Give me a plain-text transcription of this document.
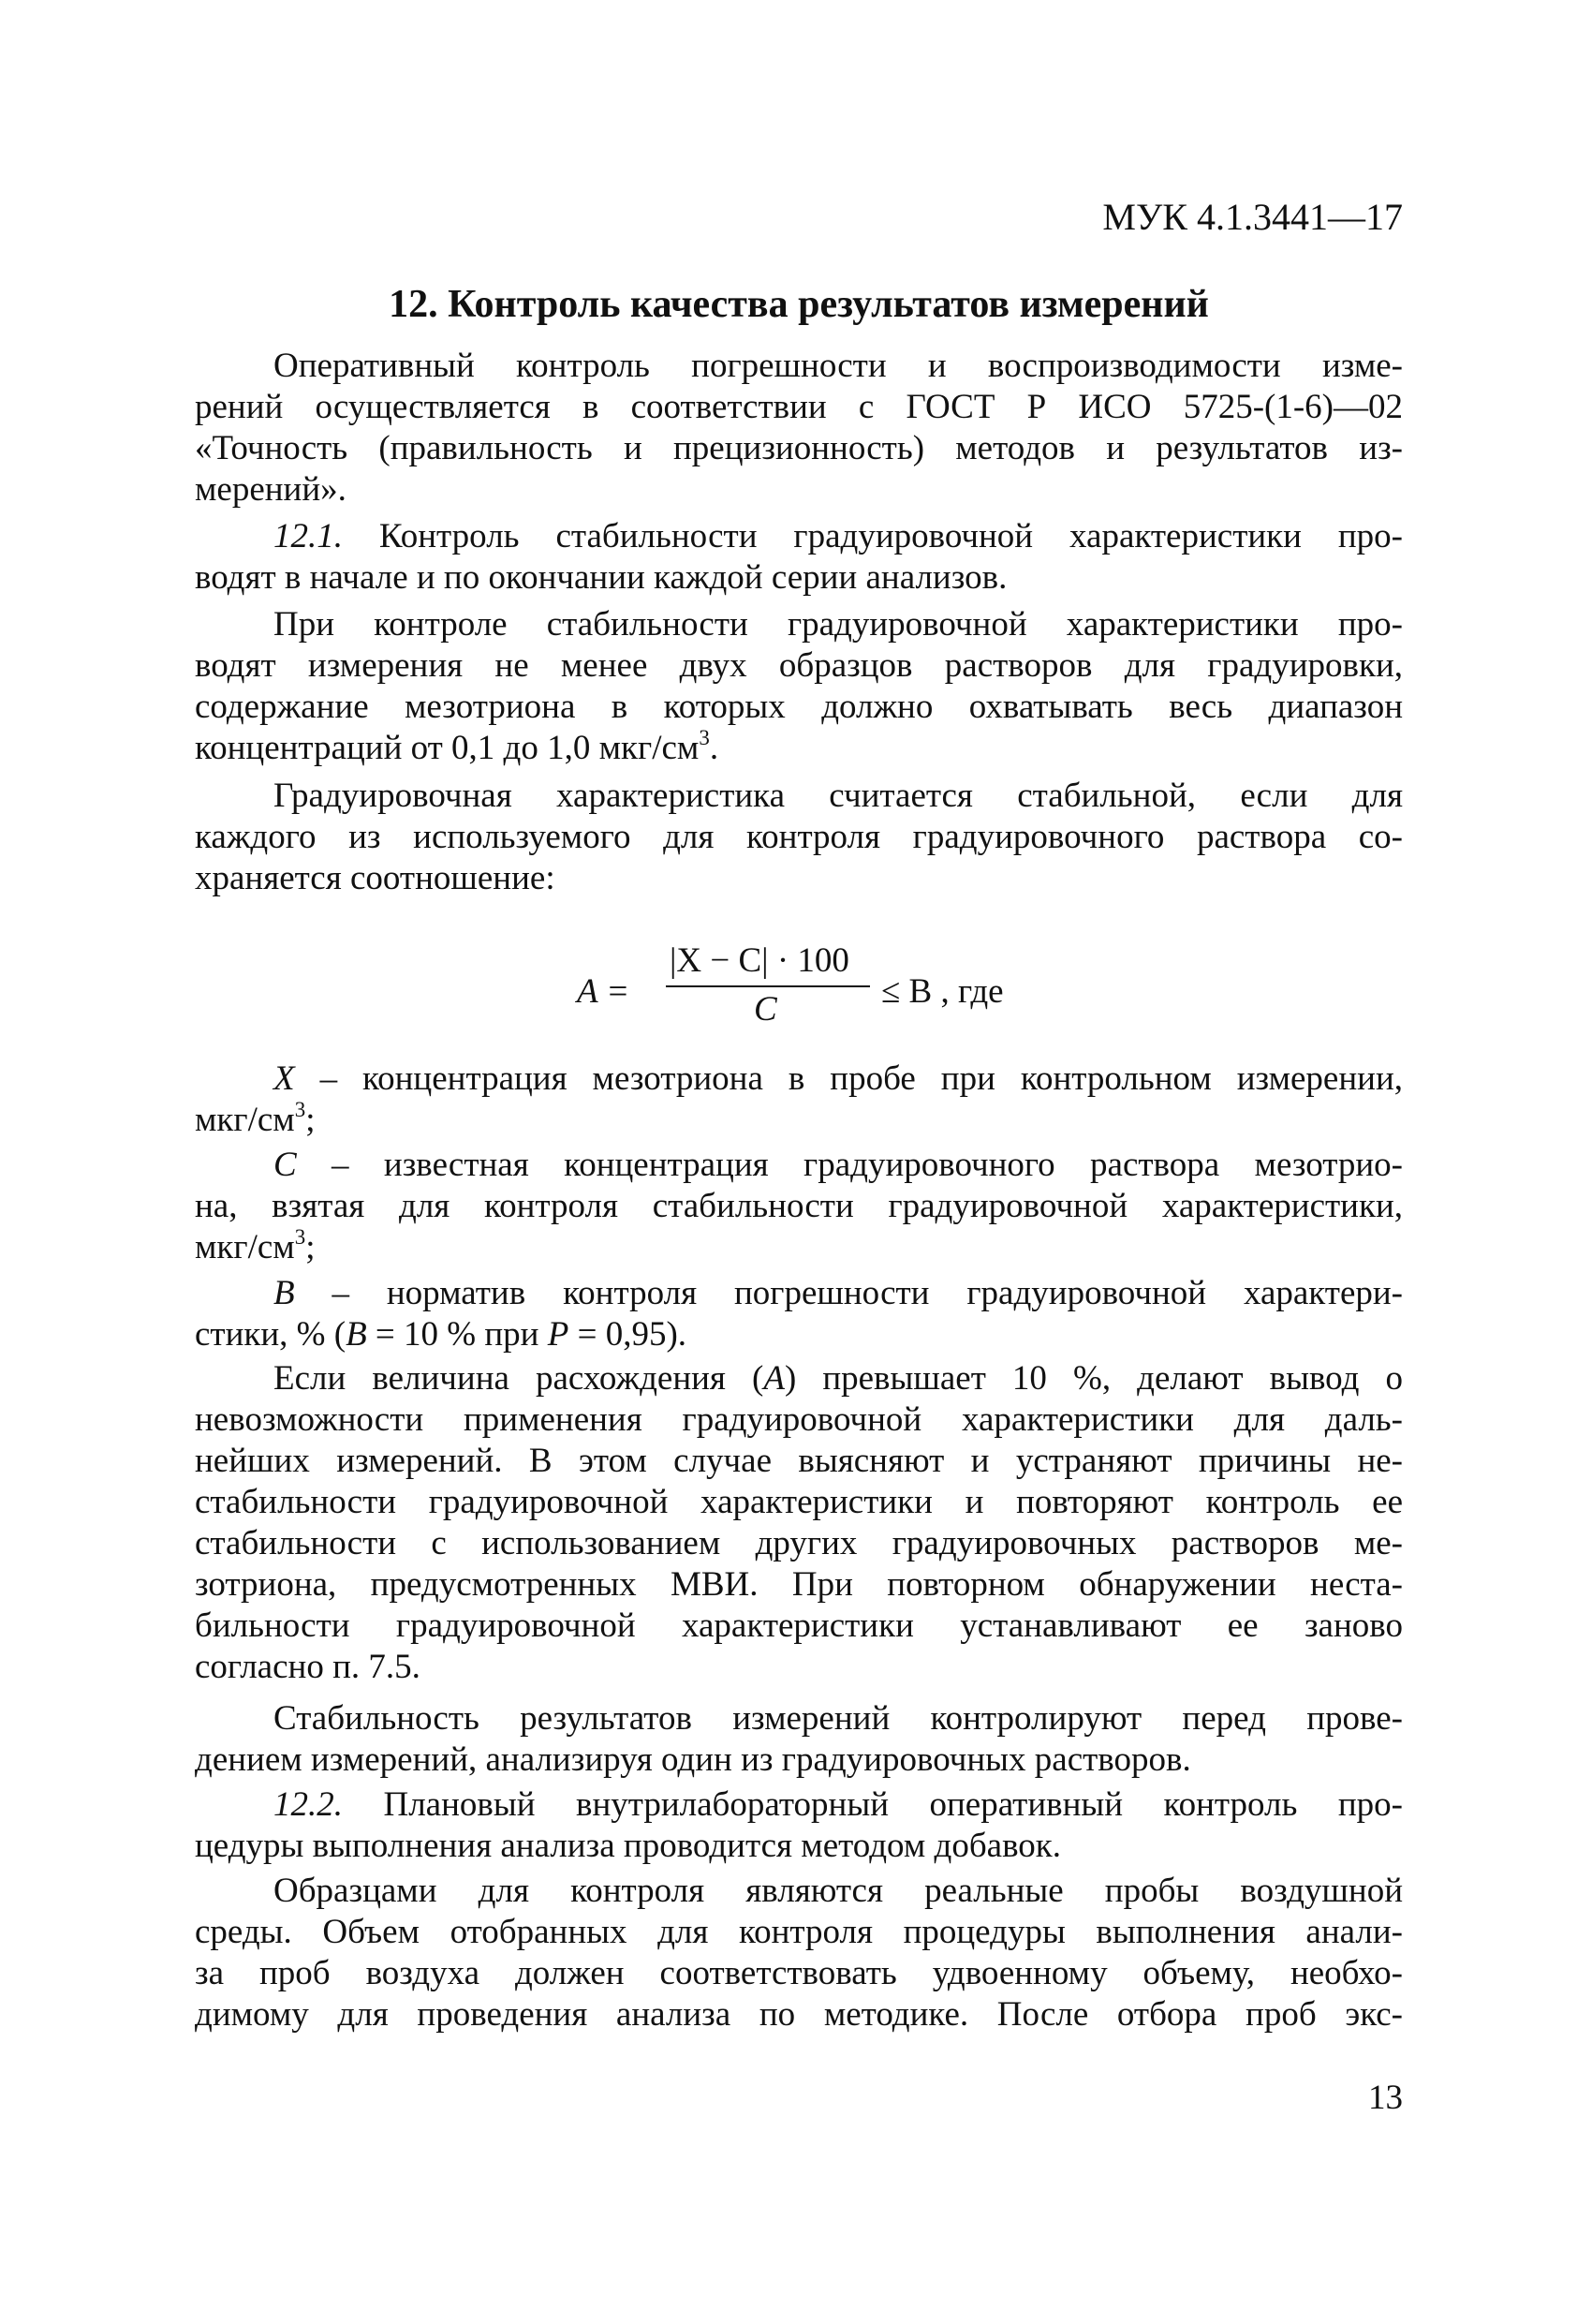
МУК 4.1.3441—17
12. Контроль качества результатов измерений
Оперативный контроль погрешности и воспроизводимости изме-
рений осуществляется в соответствии с ГОСТ Р ИСО 5725-(1-6)—02
«Точность (правильность и прецизионность) методов и результатов из-
мерений».
12.1. Контроль стабильности градуировочной характеристики про-
водят в начале и по окончании каждой серии анализов.
При контроле стабильности градуировочной характеристики про-
водят измерения не менее двух образцов растворов для градуировки,
содержание мезотриона в которых должно охватывать весь диапазон
концентраций от 0,1 до 1,0 мкг/$см^3$.
Градуировочная характеристика считается стабильной, если для
каждого из используемого для контроля градуировочного раствора со-
храняется соотношение:
A =
|X − C| · 100
C	≤ B , где
X – концентрация мезотриона в пробе при контрольном измерении,
мкг/$см^3$;
C – известная концентрация градуировочного раствора мезотрио-
на, взятая для контроля стабильности градуировочной характеристики,
мкг/$см^3$;
B – норматив контроля погрешности градуировочной характери-
стики, % (B = 10 % при P = 0,95).
Если величина расхождения (A) превышает 10 %, делают вывод о
невозможности применения градуировочной характеристики для даль-
нейших измерений. В этом случае выясняют и устраняют причины не-
стабильности градуировочной характеристики и повторяют контроль ее
стабильности с использованием других градуировочных растворов ме-
зотриона, предусмотренных МВИ. При повторном обнаружении неста-
бильности градуировочной характеристики устанавливают ее заново
согласно п. 7.5.
Стабильность результатов измерений контролируют перед прове-
дением измерений, анализируя один из градуировочных растворов.
12.2. Плановый внутрилабораторный оперативный контроль про-
цедуры выполнения анализа проводится методом добавок.
Образцами для контроля являются реальные пробы воздушной
среды. Объем отобранных для контроля процедуры выполнения анали-
за проб воздуха должен соответствовать удвоенному объему, необхо-
димому для проведения анализа по методике. После отбора проб экс-
13
